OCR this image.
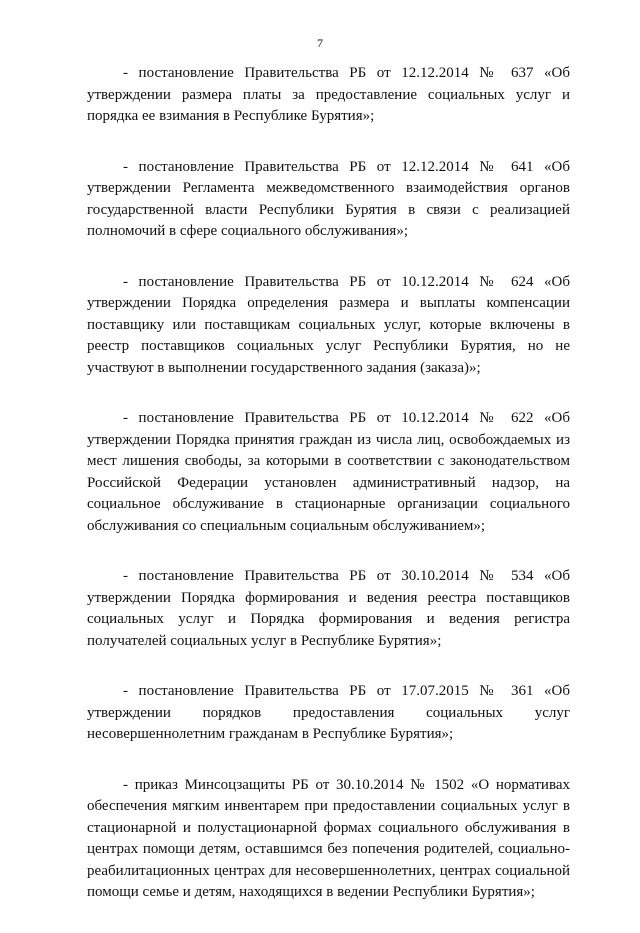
7

- постановление Правительства РБ от 12.12.2014 № 637 «Об
утверждении размера платы за предоставление социальных услуг и
порядка ее взимания в Республике Бурятия»;

- постановление Правительства РБ от 12.12.2014 № 641 «Об
утверждении Регламента межведомственного взаимодействия органов
государственной власти Республики Бурятия в связи с реализацией
полномочий в сфере социального обслуживания»;

- постановление Правительства РБ от 10.12.2014 № 624 «Об
утверждении Порядка определения размера и выплаты компенсации
поставщику или поставщикам социальных услуг, которые включены в
реестр поставщиков социальных услуг Республики Бурятия, но не
участвуют в выполнении государственного задания (заказа)»;

- постановление Правительства РБ от 10.12.2014 № 622 «Об
утверждении Порядка принятия граждан из числа лиц, освобождаемых из
мест лишения свободы, за которыми в соответствии с законодательством
Российской Федерации установлен административный надзор, на
социальное обслуживание в стационарные организации социального
обслуживания со специальным социальным обслуживанием»;

- постановление Правительства РБ от 30.10.2014 № 534 «Об
утверждении Порядка формирования и ведения реестра поставщиков
социальных услуг и Порядка формирования и ведения регистра
получателей социальных услуг в Республике Бурятия»;

- постановление Правительства РБ от 17.07.2015 № 361 «Об
утверждении порядков предоставления социальных услуг
несовершеннолетним гражданам в Республике Бурятия»;

- приказ Минсоцзащиты РБ от 30.10.2014 № 1502 «О нормативах
обеспечения мягким инвентарем при предоставлении социальных услуг в
стационарной и полустационарной формах социального обслуживания в
центрах помощи детям, оставшимся без попечения родителей, социально-
реабилитационных центрах для несовершеннолетних, центрах социальной
помощи семье и детям, находящихся в ведении Республики Бурятия»;
